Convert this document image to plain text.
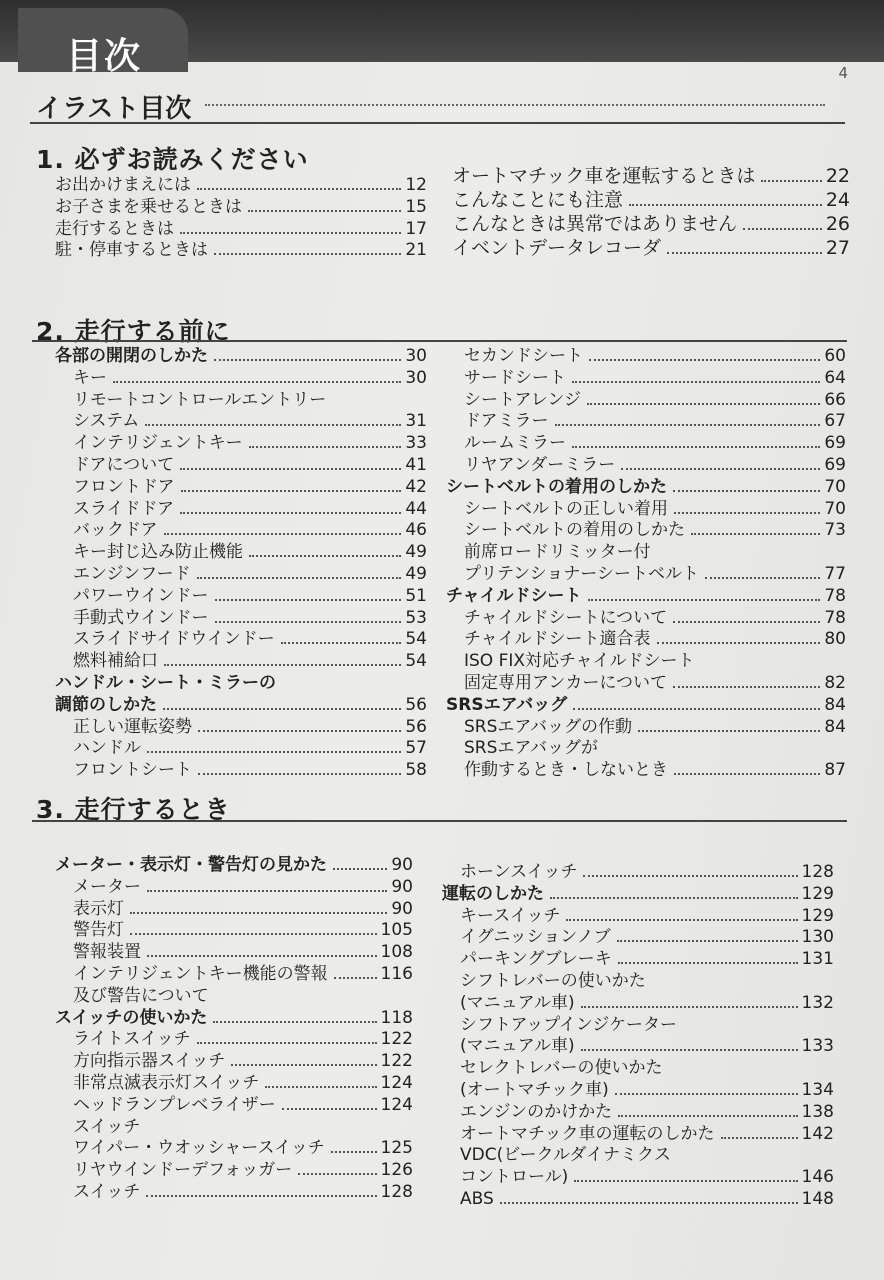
目次	4
イラスト目次
1. 必ずお読みください
お出かけまえには	12
お子さまを乗せるときは	15
走行するときは	17
駐・停車するときは	21
オートマチック車を運転するときは	22
こんなことにも注意	24
こんなときは異常ではありません	26
イベントデータレコーダ	27
2. 走行する前に
各部の開閉のしかた	30
キー	30
リモートコントロールエントリー
システム	31
インテリジェントキー	33
ドアについて	41
フロントドア	42
スライドドア	44
バックドア	46
キー封じ込み防止機能	49
エンジンフード	49
パワーウインドー	51
手動式ウインドー	53
スライドサイドウインドー	54
燃料補給口	54
ハンドル・シート・ミラーの
調節のしかた	56
正しい運転姿勢	56
ハンドル	57
フロントシート	58
セカンドシート	60
サードシート	64
シートアレンジ	66
ドアミラー	67
ルームミラー	69
リヤアンダーミラー	69
シートベルトの着用のしかた	70
シートベルトの正しい着用	70
シートベルトの着用のしかた	73
前席ロードリミッター付
プリテンショナーシートベルト	77
チャイルドシート	78
チャイルドシートについて	78
チャイルドシート適合表	80
ISO FIX対応チャイルドシート
固定専用アンカーについて	82
SRSエアバッグ	84
SRSエアバッグの作動	84
SRSエアバッグが
作動するとき・しないとき	87
3. 走行するとき
メーター・表示灯・警告灯の見かた	90
メーター	90
表示灯	90
警告灯	105
警報装置	108
インテリジェントキー機能の警報	116
及び警告について
スイッチの使いかた	118
ライトスイッチ	122
方向指示器スイッチ	122
非常点滅表示灯スイッチ	124
ヘッドランプレベライザー	124
スイッチ
ワイパー・ウオッシャースイッチ	125
リヤウインドーデフォッガー	126
スイッチ	128
ホーンスイッチ	128
運転のしかた	129
キースイッチ	129
イグニッションノブ	130
パーキングブレーキ	131
シフトレバーの使いかた
(マニュアル車)	132
シフトアップインジケーター
(マニュアル車)	133
セレクトレバーの使いかた
(オートマチック車)	134
エンジンのかけかた	138
オートマチック車の運転のしかた	142
VDC(ビークルダイナミクス
コントロール)	146
ABS	148
